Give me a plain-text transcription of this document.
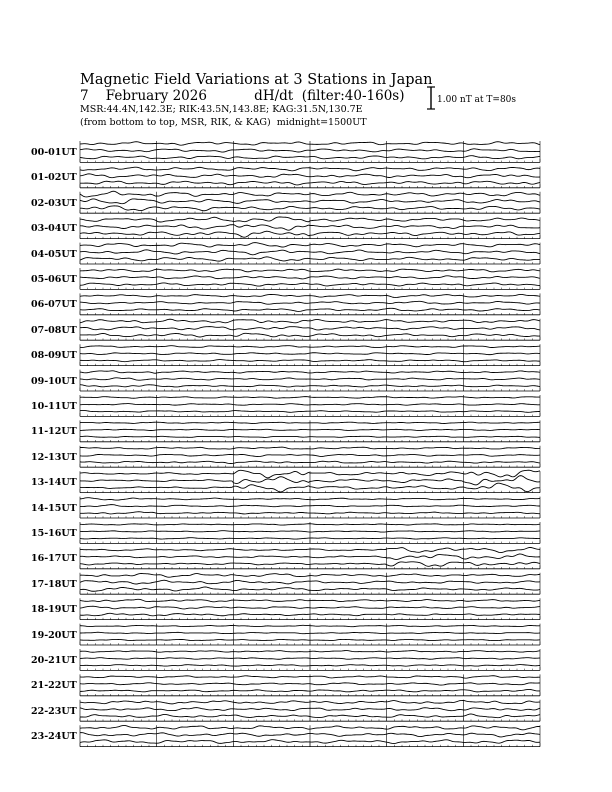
Magnetic Field Variations at 3 Stations in Japan
7 February 2026	dH/dt (filter:40-160s)
MSR:44.4N,142.3E; RIK:43.5N,143.8E; KAG:31.5N,130.7E
(from bottom to top, MSR, RIK, & KAG) midnight=1500UT
1.00 nT at T=80s
00-01UT
01-02UT
02-03UT
03-04UT
04-05UT
05-06UT
06-07UT
07-08UT
08-09UT
09-10UT
10-11UT
11-12UT
12-13UT
13-14UT
14-15UT
15-16UT
16-17UT
17-18UT
18-19UT
19-20UT
20-21UT
21-22UT
22-23UT
23-24UT
